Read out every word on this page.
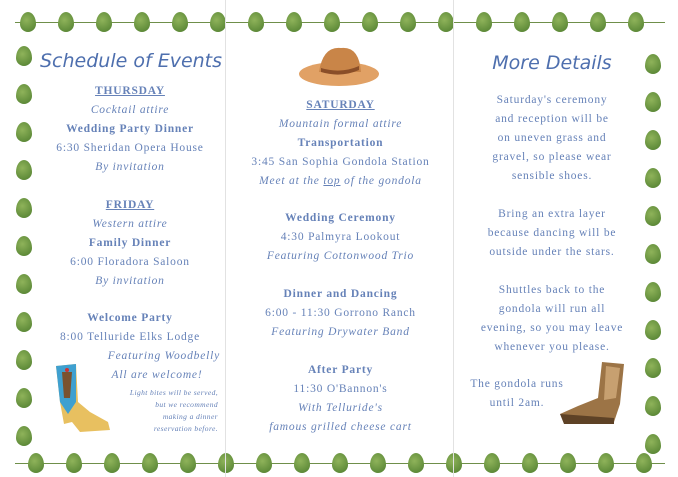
Schedule of Events
THURSDAY
Cocktail attire
Wedding Party Dinner
6:30 Sheridan Opera House
By invitation
FRIDAY
Western attire
Family Dinner
6:00 Floradora Saloon
By invitation
Welcome Party
8:00 Telluride Elks Lodge
Featuring Woodbelly
All are welcome!
Light bites will be served,
but we recommend
making a dinner
reservation before.
SATURDAY
Mountain formal attire
Transportation
3:45 San Sophia Gondola Station
Meet at the top of the gondola
Wedding Ceremony
4:30 Palmyra Lookout
Featuring Cottonwood Trio
Dinner and Dancing
6:00 - 11:30 Gorrono Ranch
Featuring Drywater Band
After Party
11:30 O'Bannon's
With Telluride's
famous grilled cheese cart
More Details
Saturday's ceremony
and reception will be
on uneven grass and
gravel, so please wear
sensible shoes.
Bring an extra layer
because dancing will be
outside under the stars.
Shuttles back to the
gondola will run all
evening, so you may leave
whenever you please.
The gondola runs
until 2am.
